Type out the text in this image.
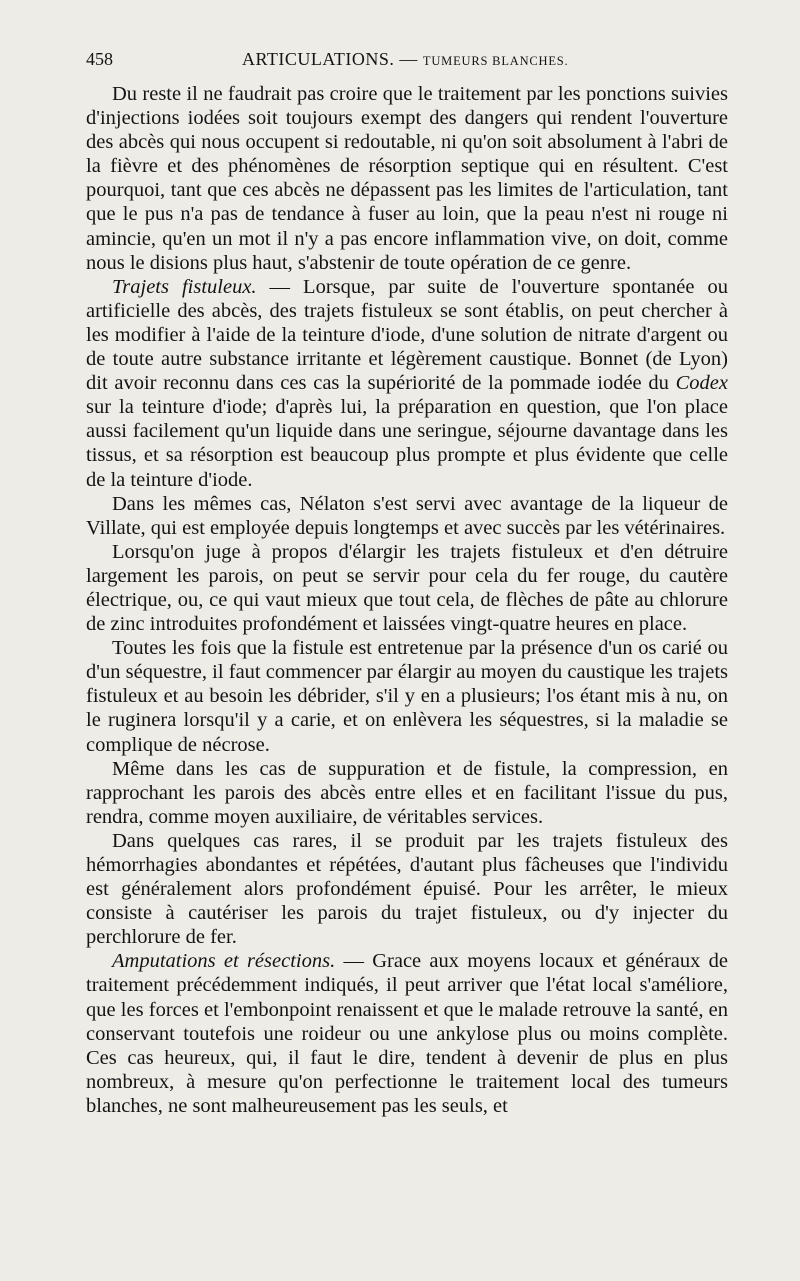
458	ARTICULATIONS. — TUMEURS BLANCHES.

Du reste il ne faudrait pas croire que le traitement par les ponctions suivies d'injections iodées soit toujours exempt des dangers qui rendent l'ouverture des abcès qui nous occupent si redoutable, ni qu'on soit absolument à l'abri de la fièvre et des phénomènes de résorption septique qui en résultent. C'est pourquoi, tant que ces abcès ne dépassent pas les limites de l'articulation, tant que le pus n'a pas de tendance à fuser au loin, que la peau n'est ni rouge ni amincie, qu'en un mot il n'y a pas encore inflammation vive, on doit, comme nous le disions plus haut, s'abstenir de toute opération de ce genre.

Trajets fistuleux. — Lorsque, par suite de l'ouverture spontanée ou artificielle des abcès, des trajets fistuleux se sont établis, on peut chercher à les modifier à l'aide de la teinture d'iode, d'une solution de nitrate d'argent ou de toute autre substance irritante et légèrement caustique. Bonnet (de Lyon) dit avoir reconnu dans ces cas la supériorité de la pommade iodée du Codex sur la teinture d'iode; d'après lui, la préparation en question, que l'on place aussi facilement qu'un liquide dans une seringue, séjourne davantage dans les tissus, et sa résorption est beaucoup plus prompte et plus évidente que celle de la teinture d'iode.

Dans les mêmes cas, Nélaton s'est servi avec avantage de la liqueur de Villate, qui est employée depuis longtemps et avec succès par les vétérinaires.

Lorsqu'on juge à propos d'élargir les trajets fistuleux et d'en détruire largement les parois, on peut se servir pour cela du fer rouge, du cautère électrique, ou, ce qui vaut mieux que tout cela, de flèches de pâte au chlorure de zinc introduites profondément et laissées vingt-quatre heures en place.

Toutes les fois que la fistule est entretenue par la présence d'un os carié ou d'un séquestre, il faut commencer par élargir au moyen du caustique les trajets fistuleux et au besoin les débrider, s'il y en a plusieurs; l'os étant mis à nu, on le ruginera lorsqu'il y a carie, et on enlèvera les séquestres, si la maladie se complique de nécrose.

Même dans les cas de suppuration et de fistule, la compression, en rapprochant les parois des abcès entre elles et en facilitant l'issue du pus, rendra, comme moyen auxiliaire, de véritables services.

Dans quelques cas rares, il se produit par les trajets fistuleux des hémorrhagies abondantes et répétées, d'autant plus fâcheuses que l'individu est généralement alors profondément épuisé. Pour les arrêter, le mieux consiste à cautériser les parois du trajet fistuleux, ou d'y injecter du perchlorure de fer.

Amputations et résections. — Grace aux moyens locaux et généraux de traitement précédemment indiqués, il peut arriver que l'état local s'améliore, que les forces et l'embonpoint renaissent et que le malade retrouve la santé, en conservant toutefois une roideur ou une ankylose plus ou moins complète. Ces cas heureux, qui, il faut le dire, tendent à devenir de plus en plus nombreux, à mesure qu'on perfectionne le traitement local des tumeurs blanches, ne sont malheureusement pas les seuls, et
